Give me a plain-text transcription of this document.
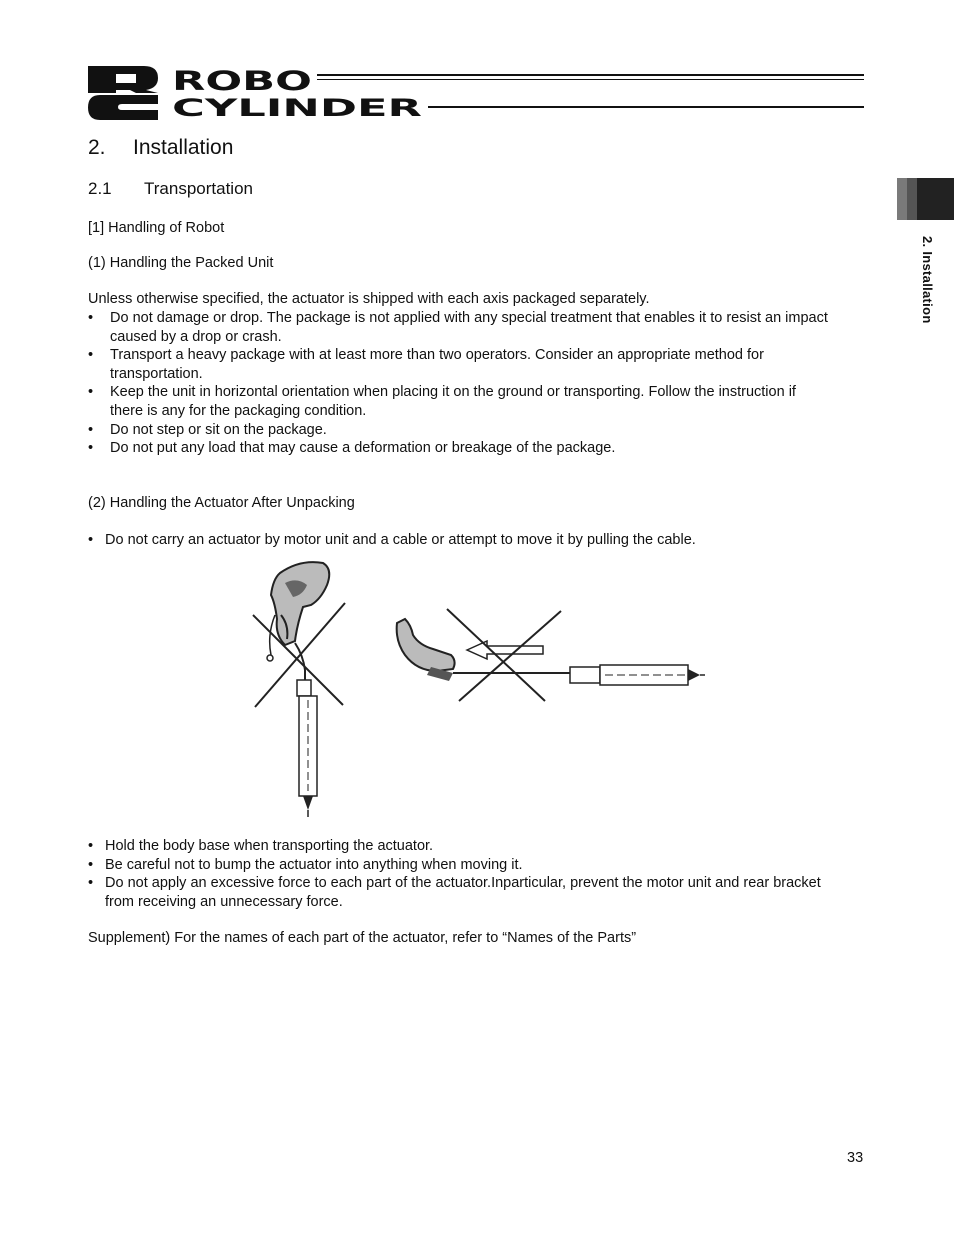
ROBO
CYLINDER
2. Installation
2. Installation
2.1 Transportation
[1] Handling of Robot
(1) Handling the Packed Unit
Unless otherwise specified, the actuator is shipped with each axis packaged separately.
• Do not damage or drop. The package is not applied with any special treatment that enables it to resist an impact caused by a drop or crash.
• Transport a heavy package with at least more than two operators. Consider an appropriate method for transportation.
• Keep the unit in horizontal orientation when placing it on the ground or transporting. Follow the instruction if there is any for the packaging condition.
• Do not step or sit on the package.
• Do not put any load that may cause a deformation or breakage of the package.
(2) Handling the Actuator After Unpacking
• Do not carry an actuator by motor unit and a cable or attempt to move it by pulling the cable.
• Hold the body base when transporting the actuator.
• Be careful not to bump the actuator into anything when moving it.
• Do not apply an excessive force to each part of the actuator.Inparticular, prevent the motor unit and rear bracket from receiving an unnecessary force.
Supplement) For the names of each part of the actuator, refer to “Names of the Parts”
33
